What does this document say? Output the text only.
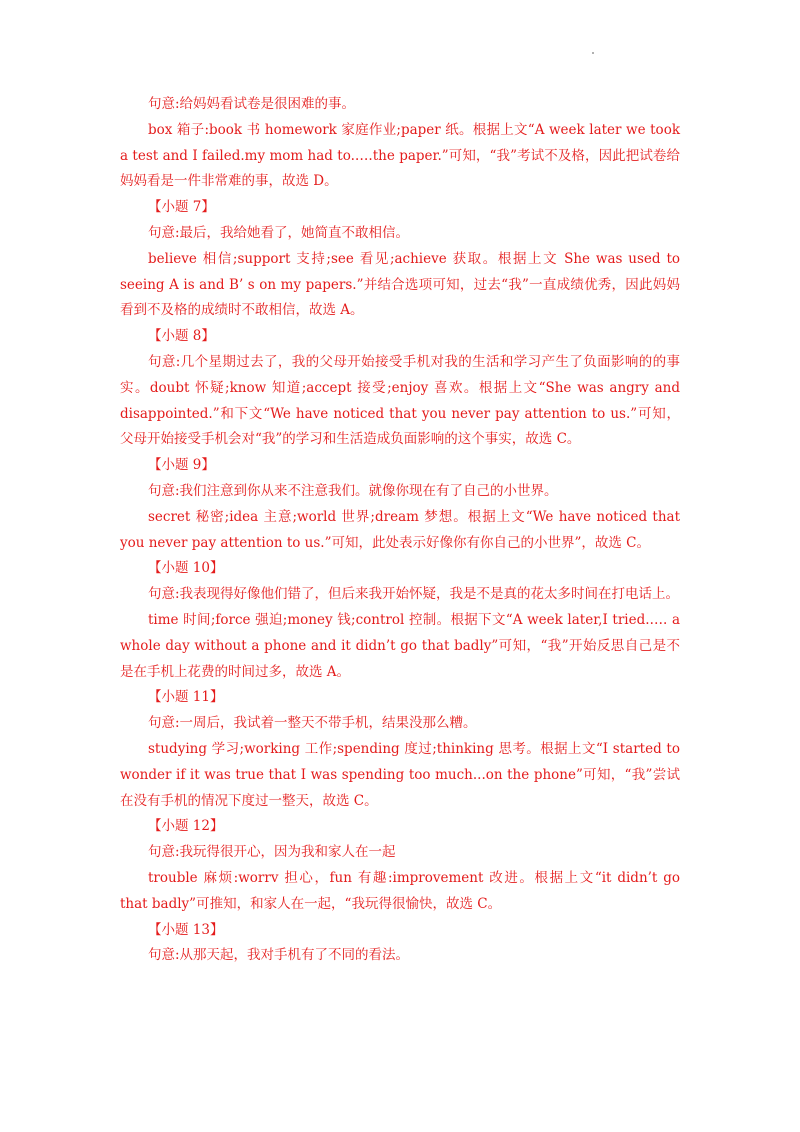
句意:给妈妈看试卷是很困难的事。

box 箱子:book 书 homework 家庭作业;paper 纸。根据上文“A week later we took a test and I failed.my mom had to.….the paper.”可知，“我”考试不及格，因此把试卷给妈妈看是一件非常难的事，故选 D。

【小题 7】

句意:最后，我给她看了，她简直不敢相信。

believe 相信;support 支持;see 看见;achieve 获取。根据上文 She was used to seeing A is and B’ s on my papers.”并结合选项可知，过去“我”一直成绩优秀，因此妈妈看到不及格的成绩时不敢相信，故选 A。

【小题 8】

句意:几个星期过去了，我的父母开始接受手机对我的生活和学习产生了负面影响的的事实。doubt 怀疑;know 知道;accept 接受;enjoy 喜欢。根据上文“She was angry and disappointed.”和下文“We have noticed that you never pay attention to us.”可知，父母开始接受手机会对“我”的学习和生活造成负面影响的这个事实，故选 C。

【小题 9】

句意:我们注意到你从来不注意我们。就像你现在有了自己的小世界。

secret 秘密;idea 主意;world 世界;dream 梦想。根据上文“We have noticed that you never pay attention to us.”可知，此处表示好像你有你自己的小世界”，故选 C。

【小题 10】

句意:我表现得好像他们错了，但后来我开始怀疑，我是不是真的花太多时间在打电话上。

time 时间;force 强迫;money 钱;control 控制。根据下文“A week later,I tried.…. a whole day without a phone and it didn’t go that badly”可知，“我”开始反思自己是不是在手机上花费的时间过多，故选 A。

【小题 11】

句意:一周后，我试着一整天不带手机，结果没那么糟。

studying 学习;working 工作;spending 度过;thinking 思考。根据上文“I started to wonder if it was true that I was spending too much...on the phone”可知，“我”尝试在没有手机的情况下度过一整天，故选 C。

【小题 12】

句意:我玩得很开心，因为我和家人在一起

trouble 麻烦:worrv 担心，fun 有趣:improvement 改进。根据上文“it didn’t go that badly”可推知，和家人在一起，“我玩得很愉快，故选 C。

【小题 13】

句意:从那天起，我对手机有了不同的看法。
